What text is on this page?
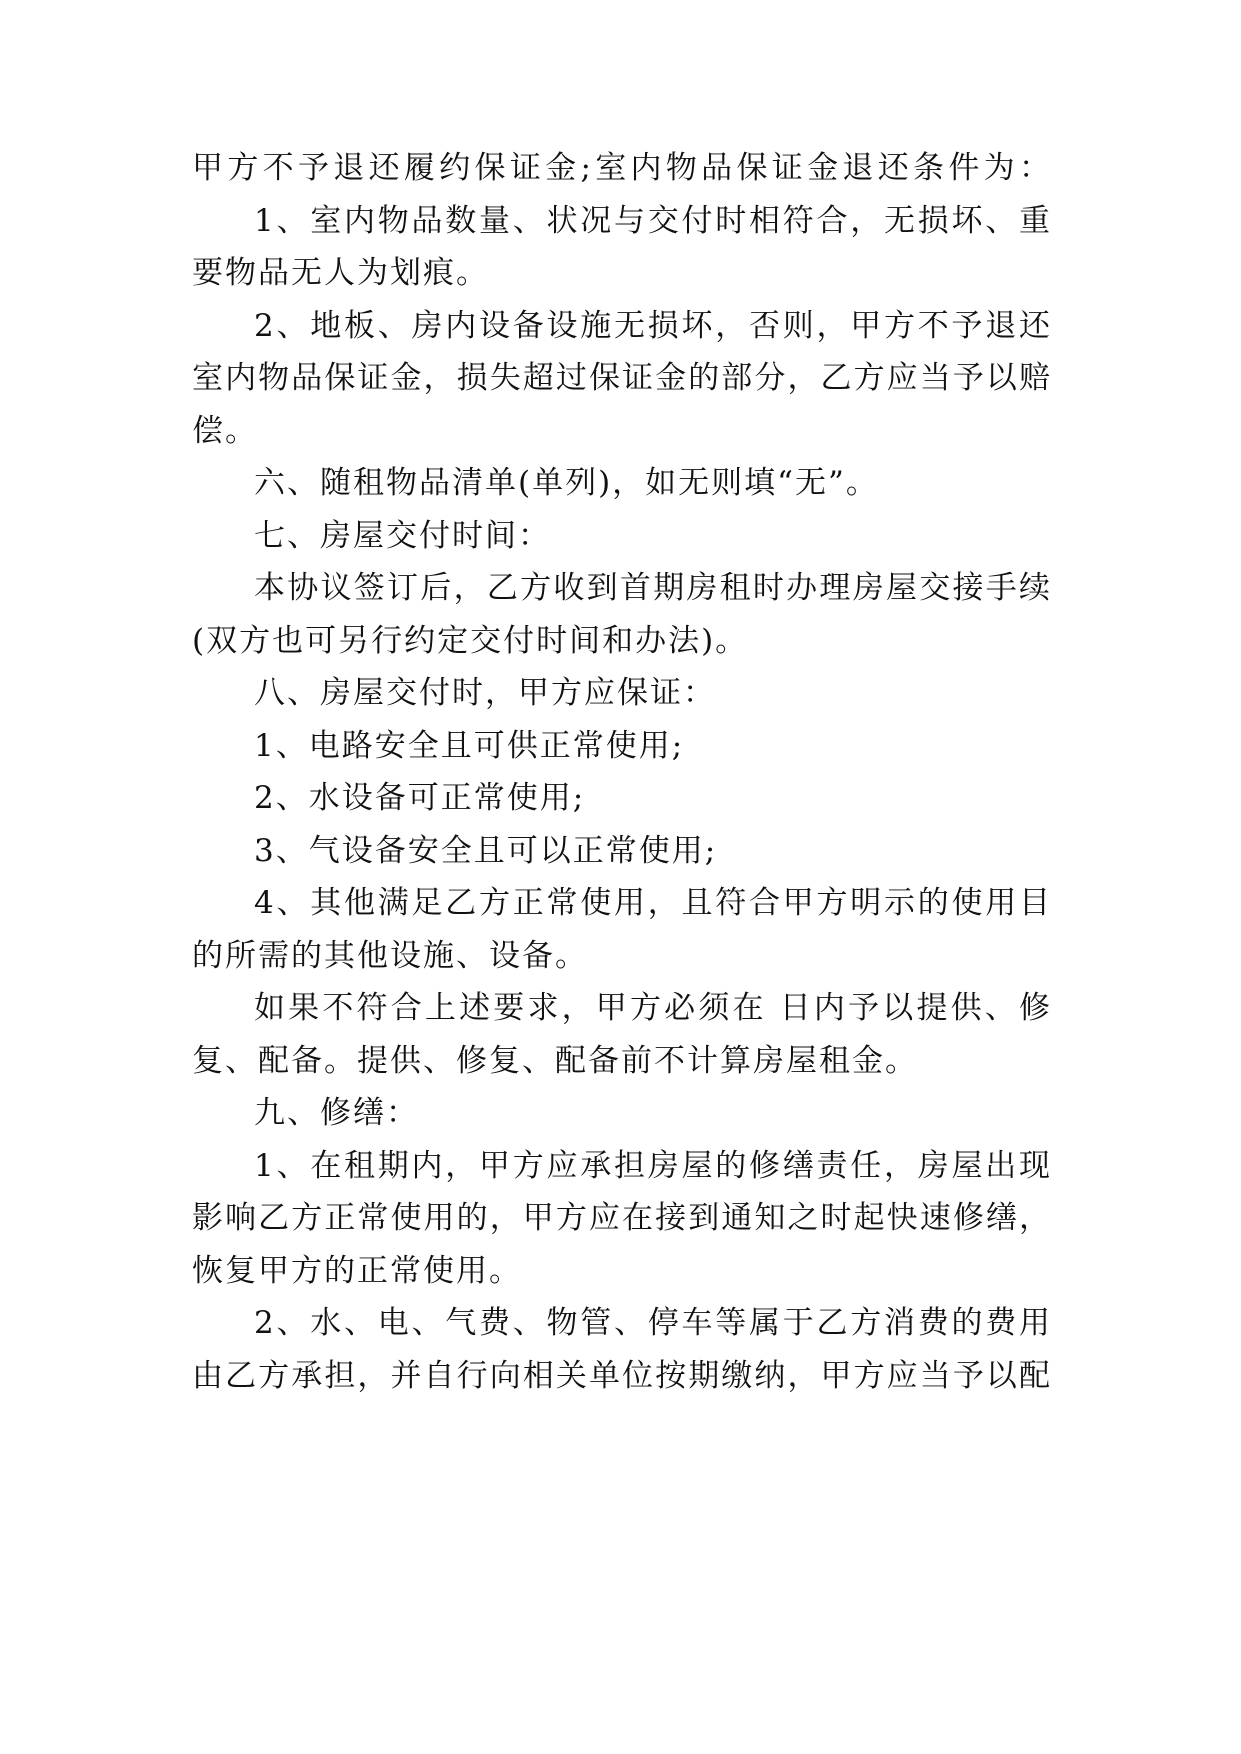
甲方不予退还履约保证金;室内物品保证金退还条件为：
1、室内物品数量、状况与交付时相符合，无损坏、重
要物品无人为划痕。
2、地板、房内设备设施无损坏，否则，甲方不予退还
室内物品保证金，损失超过保证金的部分，乙方应当予以赔
偿。
六、随租物品清单(单列)，如无则填“无”。
七、房屋交付时间：
本协议签订后，乙方收到首期房租时办理房屋交接手续
(双方也可另行约定交付时间和办法)。
八、房屋交付时，甲方应保证：
1、电路安全且可供正常使用;
2、水设备可正常使用;
3、气设备安全且可以正常使用;
4、其他满足乙方正常使用，且符合甲方明示的使用目
的所需的其他设施、设备。
如果不符合上述要求，甲方必须在 日内予以提供、修
复、配备。提供、修复、配备前不计算房屋租金。
九、修缮：
1、在租期内，甲方应承担房屋的修缮责任，房屋出现
影响乙方正常使用的，甲方应在接到通知之时起快速修缮，
恢复甲方的正常使用。
2、水、电、气费、物管、停车等属于乙方消费的费用
由乙方承担，并自行向相关单位按期缴纳，甲方应当予以配
